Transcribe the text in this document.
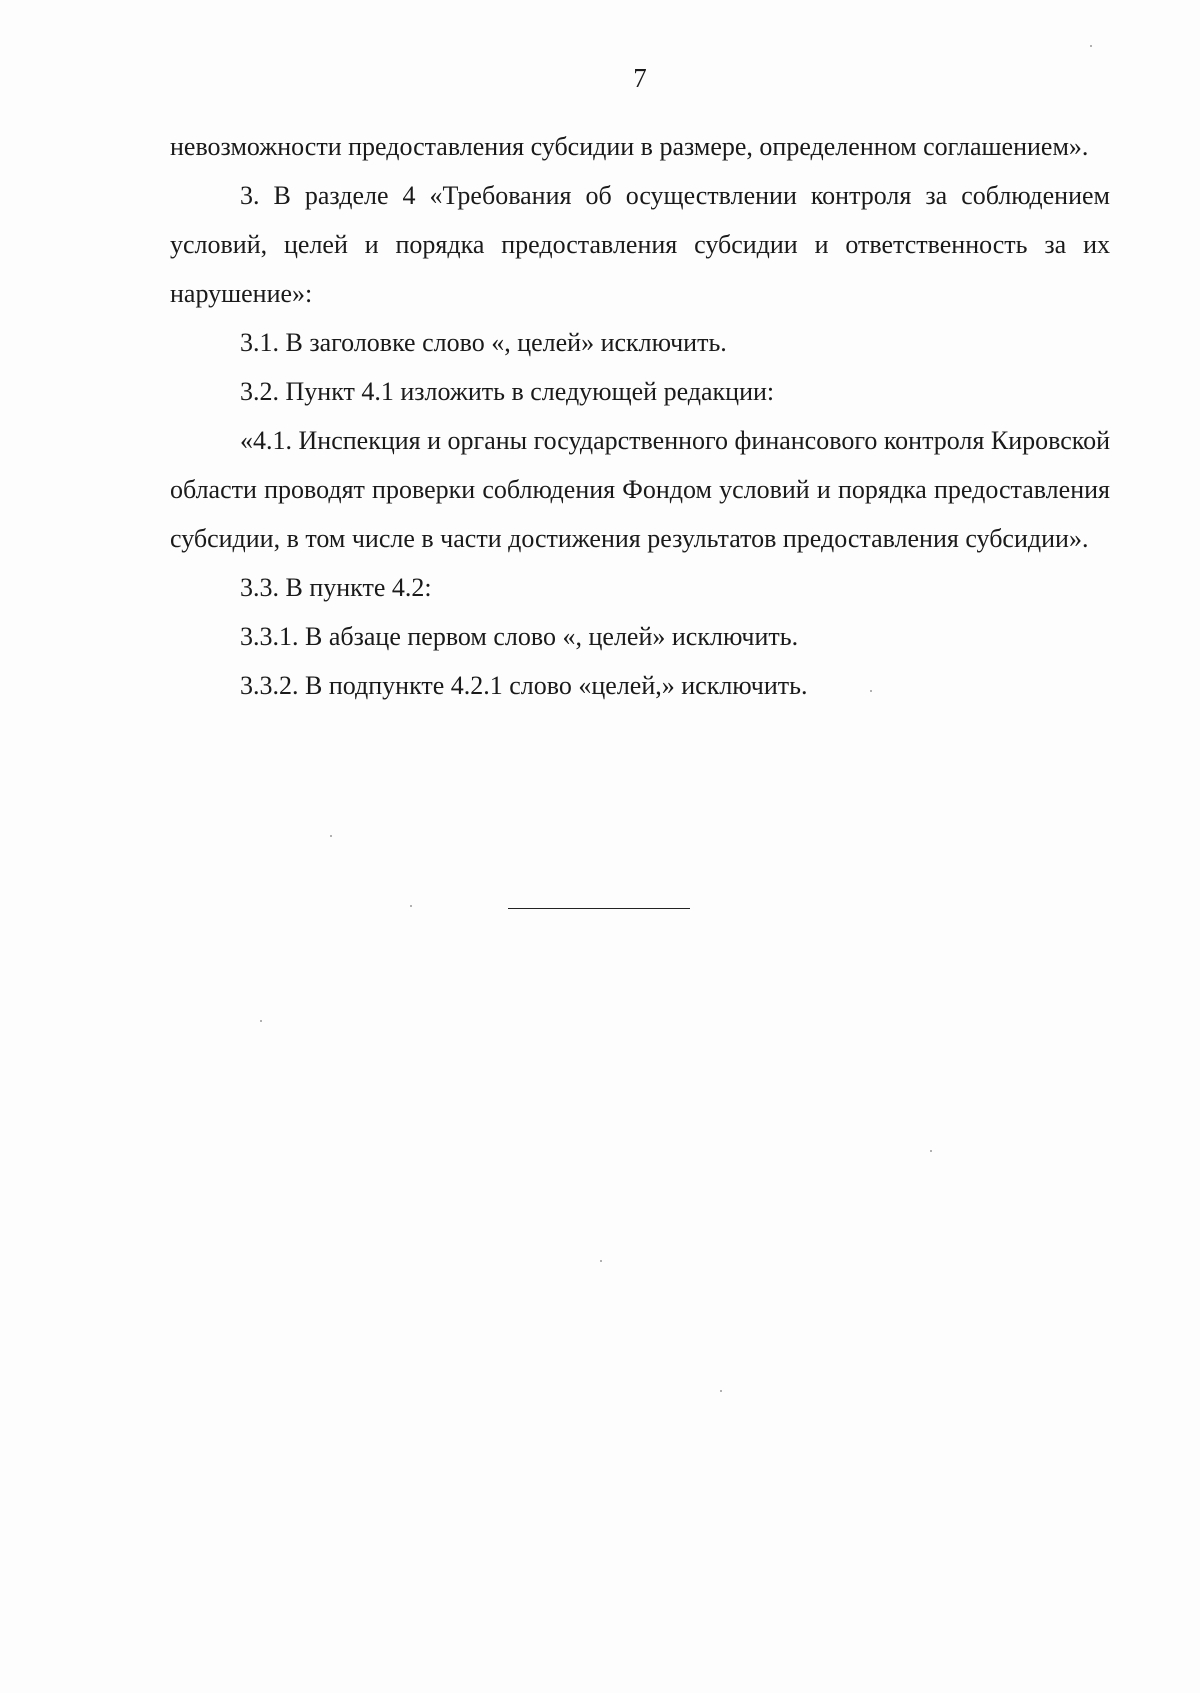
7

невозможности предоставления субсидии в размере, определенном соглашением».

3. В разделе 4 «Требования об осуществлении контроля за соблюдением условий, целей и порядка предоставления субсидии и ответственность за их нарушение»:

3.1. В заголовке слово «, целей» исключить.

3.2. Пункт 4.1 изложить в следующей редакции:

«4.1. Инспекция и органы государственного финансового контроля Кировской области проводят проверки соблюдения Фондом условий и порядка предоставления субсидии, в том числе в части достижения результатов предоставления субсидии».

3.3. В пункте 4.2:

3.3.1. В абзаце первом слово «, целей» исключить.

3.3.2. В подпункте 4.2.1 слово «целей,» исключить.
